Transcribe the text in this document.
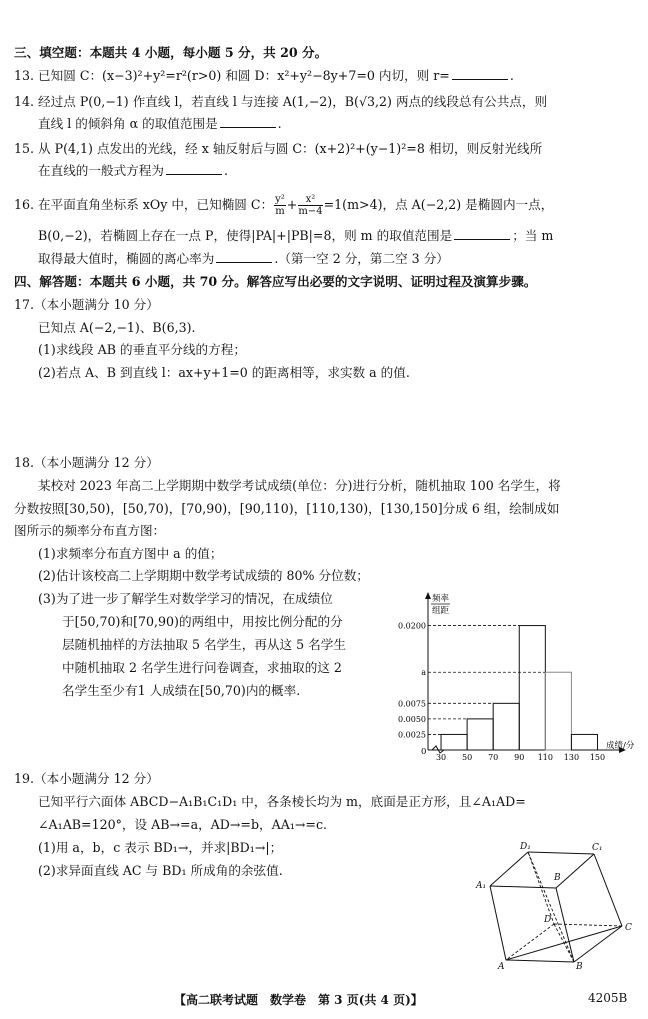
三、填空题：本题共 4 小题，每小题 5 分，共 20 分。
13. 已知圆 C：(x−3)²+y²=r²(r>0) 和圆 D：x²+y²−8y+7=0 内切，则 r=	.
14. 经过点 P(0,−1) 作直线 l，若直线 l 与连接 A(1,−2)，B(√3,2) 两点的线段总有公共点，则
直线 l 的倾斜角 α 的取值范围是	.
15. 从 P(4,1) 点发出的光线，经 x 轴反射后与圆 C：(x+2)²+(y−1)²=8 相切，则反射光线所
在直线的一般式方程为	.
16. 在平面直角坐标系 xOy 中，已知椭圆 C： $\frac{\text{y²}}{m} + \frac{\text{x²}}{m-4} =1(m>4)$，点 A(−2,2) 是椭圆内一点，
B(0,−2)，若椭圆上存在一点 P，使得|PA|+|PB|=8，则 m 的取值范围是	；当 m
取得最大值时，椭圆的离心率为	.（第一空 2 分，第二空 3 分）
四、解答题：本题共 6 小题，共 70 分。解答应写出必要的文字说明、证明过程及演算步骤。
17.（本小题满分 10 分）
已知点 A(−2,−1)、B(6,3).
(1)求线段 AB 的垂直平分线的方程；
(2)若点 A、B 到直线 l：ax+y+1=0 的距离相等，求实数 a 的值.
18.（本小题满分 12 分）
某校对 2023 年高二上学期期中数学考试成绩(单位：分)进行分析，随机抽取 100 名学生，将
分数按照[30,50)，[50,70)，[70,90)，[90,110)，[110,130)，[130,150]分成 6 组，绘制成如
图所示的频率分布直方图：
(1)求频率分布直方图中 a 的值；
(2)估计该校高二上学期期中数学考试成绩的 80% 分位数；
(3)为了进一步了解学生对数学学习的情况，在成绩位
于[50,70)和[70,90)的两组中，用按比例分配的分
层随机抽样的方法抽取 5 名学生，再从这 5 名学生
中随机抽取 2 名学生进行问卷调查，求抽取的这 2
名学生至少有1 人成绩在[50,70)内的概率.
频率
组距
成绩/分
0
0.0025
0.0050
0.0075
a
0.0200
30 50 70 90 110 130 150
19.（本小题满分 12 分）
已知平行六面体 ABCD−A₁B₁C₁D₁ 中，各条棱长均为 m，底面是正方形，且∠A₁AD=
∠A₁AB=120°，设 AB→=a，AD→=b，AA₁→=c.
(1)用 a，b，c 表示 BD₁→，并求|BD₁→|；
(2)求异面直线 AC 与 BD₁ 所成角的余弦值.
D₁	C₁
A₁
B
D
C
A	B
【高二联考试题　数学卷　第 3 页(共 4 页)】	4205B
